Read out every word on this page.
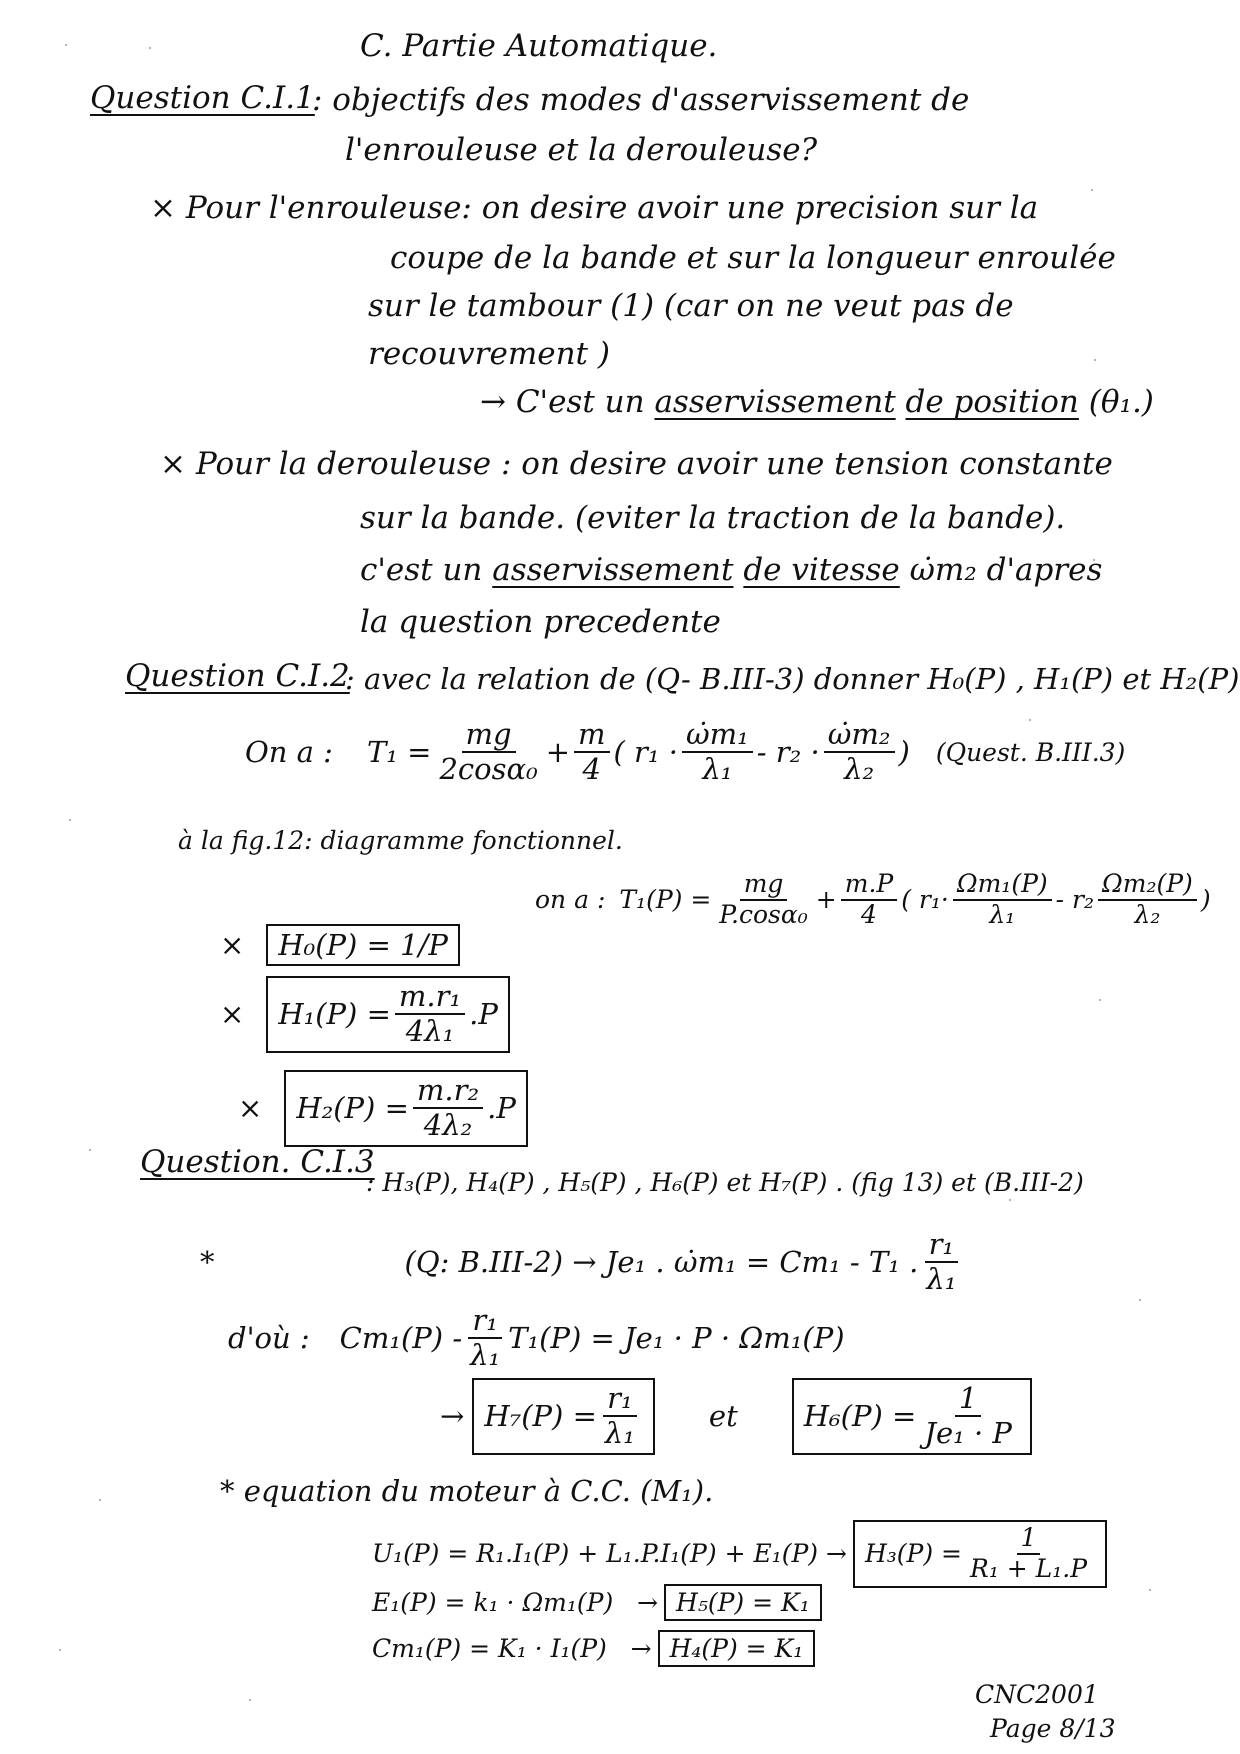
C. Partie Automatique.
Question C.I.1
: objectifs des modes d'asservissement de
l'enrouleuse et la derouleuse?
× Pour l'enrouleuse: on desire avoir une precision sur la
coupe de la bande et sur la longueur enroulée
sur le tambour (1) (car on ne veut pas de
recouvrement )
→ C'est un asservissement de position (θ₁.)
× Pour la derouleuse : on desire avoir une tension constante
sur la bande. (eviter la traction de la bande).
c'est un asservissement de vitesse ω̇m₂ d'apres
la question precedente
Question C.I.2
: avec la relation de (Q- B.III-3) donner H₀(P) , H₁(P) et H₂(P)
On a : $T_1 = \frac{mg}{\text{2cosα₀}} + \frac{m}{4}$ ( $r_1 \cdot \frac{\text{ω̇m₁}}{\text{λ₁}} - r_2 \cdot \frac{\text{ω̇m₂}}{\text{λ₂}}$ ) (Quest. B.III.3)
à la fig.12: diagramme fonctionnel.
on a : $T_1(P) = \frac{mg}{\text{P.cosα₀}} + \frac{m.P}{4}$ ( $r_1\cdot \frac{\text{Ωm₁(P)}}{\text{λ₁}} - r_2 \frac{\text{Ωm₂(P)}}{\text{λ₂}}$ )
×	H₀(P) = 1/P
× $H_1(P) = \frac{\text{m.r₁}}{\text{4λ₁}} .P$
× $H_2(P) = \frac{\text{m.r₂}}{\text{4λ₂}} .P$
Question. C.I.3
: H₃(P), H₄(P) , H₅(P) , H₆(P) et H₇(P) . (fig 13) et (B.III-2)
*	(Q: B.III-2) → Je₁ . ω̇m₁ = Cm₁ - T₁ . $\frac{\text{r₁}}{\text{λ₁}}$
d'où : $Cm_1(P) - \frac{\text{r₁}}{\text{λ₁}} T_1(P) = Je_1 \cdot P \cdot \Omega m_1(P)$
→ $H_7(P) = \frac{\text{r₁}}{\text{λ₁}}$ et $H_6(P) = \frac{1}{\text{Je₁ · P}}$
* equation du moteur à C.C. (M₁).
$U_1(P) = R_1.I_1(P) + L_1.P.I_1(P) + E_1(P) \to H_3(P) = \frac{1}{\text{R₁ + L₁.P}}$
E₁(P) = k₁ · Ωm₁(P)   → H₅(P) = K₁
Cm₁(P) = K₁ · I₁(P)   → H₄(P) = K₁
CNC2001
Page 8/13
